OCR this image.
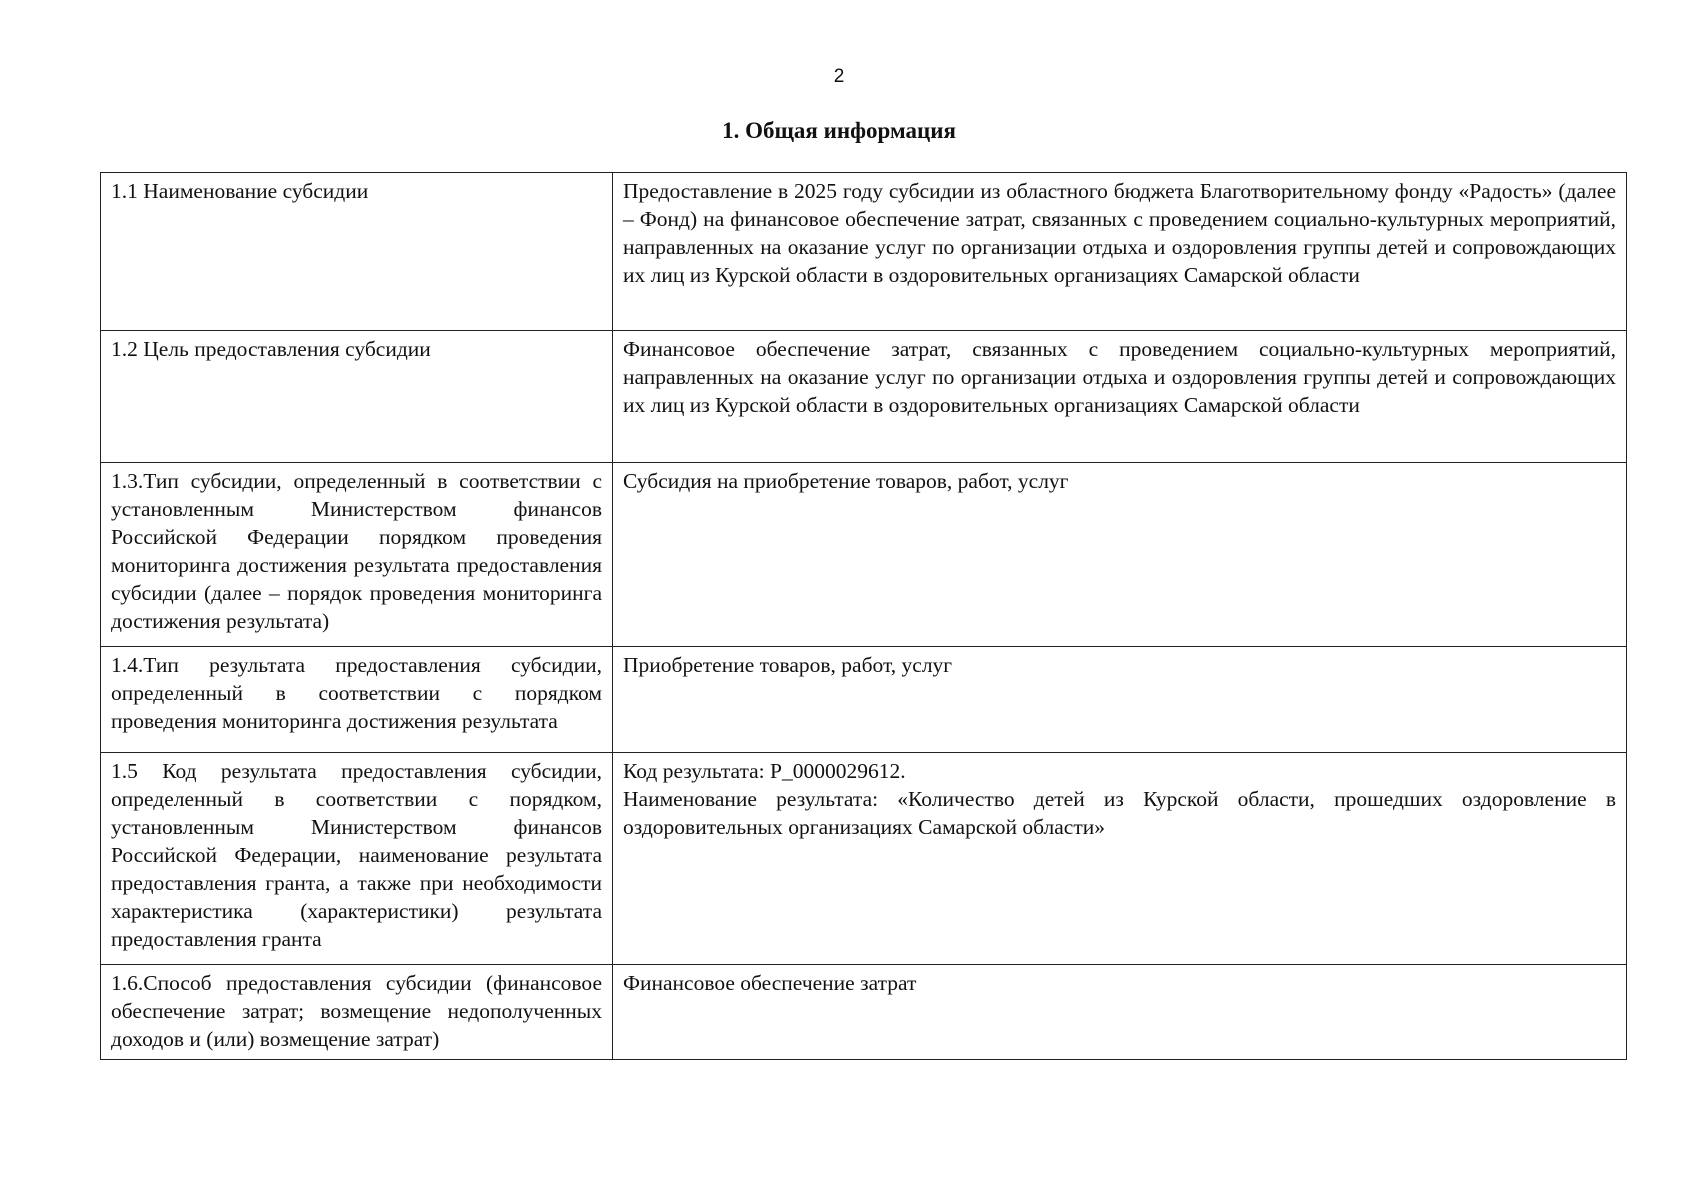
2
1. Общая информация
1.1 Наименование субсидии	Предоставление в 2025 году субсидии из областного бюджета Благотворительному фонду «Радость» (далее – Фонд) на финансовое обеспечение затрат, связанных с проведением социально-культурных мероприятий, направленных на оказание услуг по организации отдыха и оздоровления группы детей и сопровождающих их лиц из Курской области в оздоровительных организациях Самарской области
1.2 Цель предоставления субсидии	Финансовое обеспечение затрат, связанных с проведением социально-культурных мероприятий, направленных на оказание услуг по организации отдыха и оздоровления группы детей и сопровождающих их лиц из Курской области в оздоровительных организациях Самарской области
1.3.Тип субсидии, определенный в соответствии с установленным Министерством финансов Российской Федерации порядком проведения мониторинга достижения результата предоставления субсидии (далее – порядок проведения мониторинга достижения результата)	Субсидия на приобретение товаров, работ, услуг
1.4.Тип результата предоставления субсидии, определенный в соответствии с порядком проведения мониторинга достижения результата	Приобретение товаров, работ, услуг
1.5 Код результата предоставления субсидии, определенный в соответствии с порядком, установленным Министерством финансов Российской Федерации, наименование результата предоставления гранта, а также при необходимости характеристика (характеристики) результата предоставления гранта	Код результата: Р_0000029612.
Наименование результата: «Количество детей из Курской области, прошедших оздоровление в оздоровительных организациях Самарской области»

1.6.Способ предоставления субсидии (финансовое обеспечение затрат; возмещение недополученных доходов и (или) возмещение затрат)	Финансовое обеспечение затрат
